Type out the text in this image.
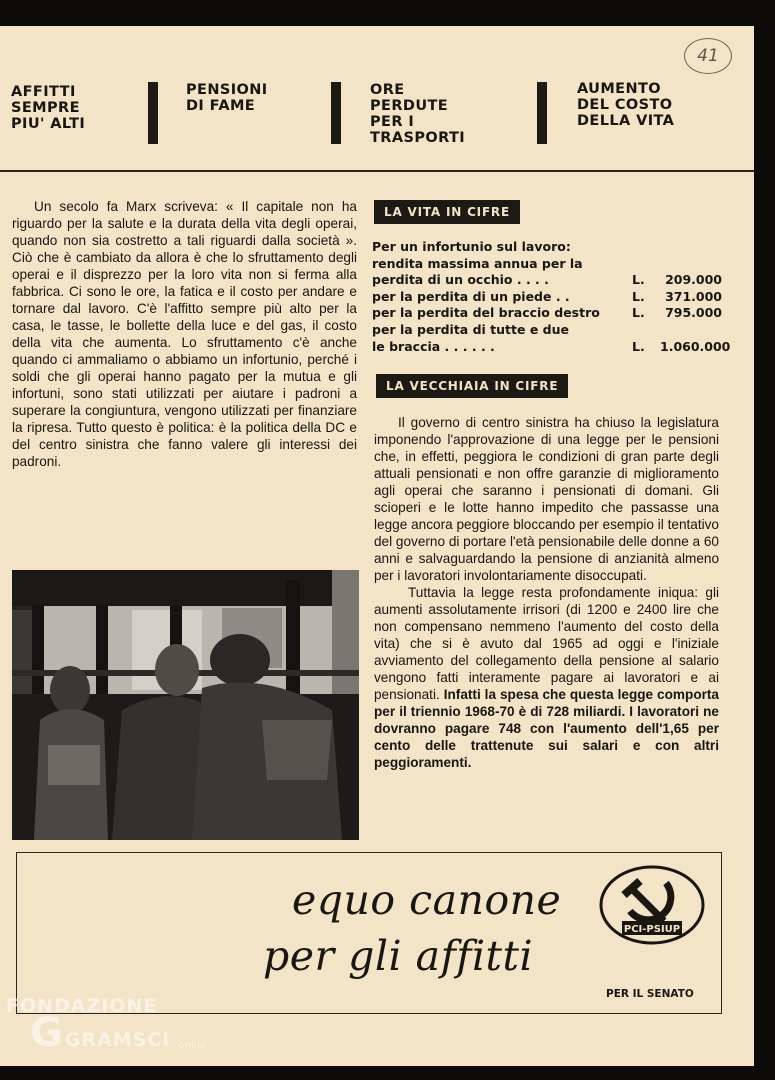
41
AFFITTI
SEMPRE
PIU' ALTI
PENSIONI
DI FAME
ORE
PERDUTE
PER I
TRASPORTI
AUMENTO
DEL COSTO
DELLA VITA

Un secolo fa Marx scriveva: « Il capitale non ha riguardo per la salute e la durata della vita degli operai, quando non sia costretto a tali riguardi dalla società ». Ciò che è cambiato da allora è che lo sfruttamento degli operai e il disprezzo per la loro vita non si ferma alla fabbrica. Ci sono le ore, la fatica e il costo per andare e tornare dal lavoro. C'è l'affitto sempre più alto per la casa, le tasse, le bollette della luce e del gas, il costo della vita che aumenta. Lo sfruttamento c'è anche quando ci ammaliamo o abbiamo un infortunio, perché i soldi che gli operai hanno pagato per la mutua e gli infortuni, sono stati utilizzati per aiutare i padroni a superare la congiuntura, vengono utilizzati per finanziare la ripresa. Tutto questo è politica: è la politica della DC e del centro sinistra che fanno valere gli interessi dei padroni.

LA VITA IN CIFRE
Per un infortunio sul lavoro:
rendita massima annua per la
perdita di un occhio . . . .	L.	209.000
per la perdita di un piede . .	L.	371.000
per la perdita del braccio destro	L.	795.000
per la perdita di tutte e due
le braccia . . . . . .	L.	1.060.000
LA VECCHIAIA IN CIFRE

Il governo di centro sinistra ha chiuso la legislatura imponendo l'approvazione di una legge per le pensioni che, in effetti, peggiora le condizioni di gran parte degli attuali pensionati e non offre garanzie di miglioramento agli operai che saranno i pensionati di domani. Gli scioperi e le lotte hanno impedito che passasse una legge ancora peggiore bloccando per esempio il tentativo del governo di portare l'età pensionabile delle donne a 60 anni e salvaguardando la pensione di anzianità almeno per i lavoratori involontariamente disoccupati.

Tuttavia la legge resta profondamente iniqua: gli aumenti assolutamente irrisori (di 1200 e 2400 lire che non compensano nemmeno l'aumento del costo della vita) che si è avuto dal 1965 ad oggi e l'iniziale avviamento del collegamento della pensione al salario vengono fatti interamente pagare ai lavoratori e ai pensionati. Infatti la spesa che questa legge comporta per il triennio 1968-70 è di 728 miliardi. I lavoratori ne dovranno pagare 748 con l'aumento dell'1,65 per cento delle trattenute sui salari e con altri peggioramenti.

equo canone
per gli affitti
PCI-PSIUP
PER IL SENATO
FONDAZIONE
G GRAMSCI onlus
